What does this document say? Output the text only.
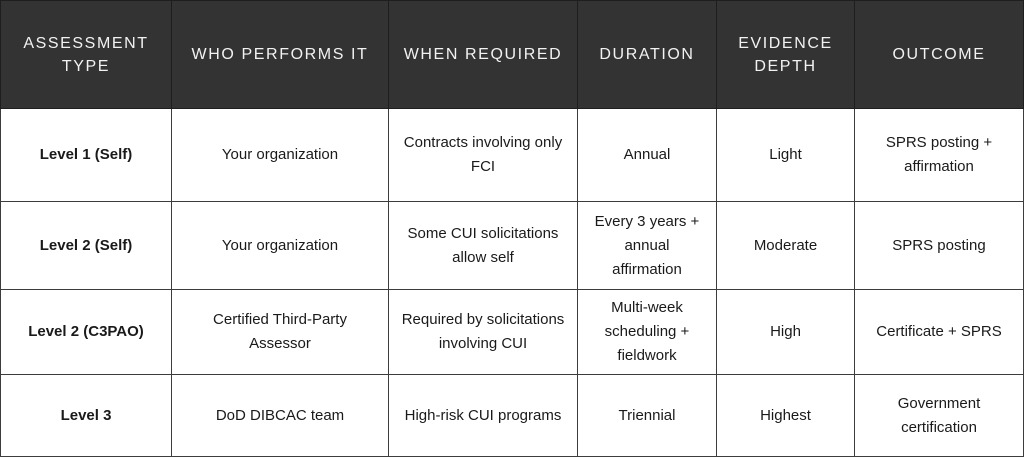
ASSESSMENT TYPE	WHO PERFORMS IT	WHEN REQUIRED	DURATION	EVIDENCE DEPTH	OUTCOME
Level 1 (Self)	Your organization	Contracts involving only FCI	Annual	Light	SPRS posting + affirmation
Level 2 (Self)	Your organization	Some CUI solicitations allow self	Every 3 years + annual affirmation	Moderate	SPRS posting
Level 2 (C3PAO)	Certified Third-Party Assessor	Required by solicitations involving CUI	Multi-week scheduling + fieldwork	High	Certificate + SPRS
Level 3	DoD DIBCAC team	High-risk CUI programs	Triennial	Highest	Government certification
